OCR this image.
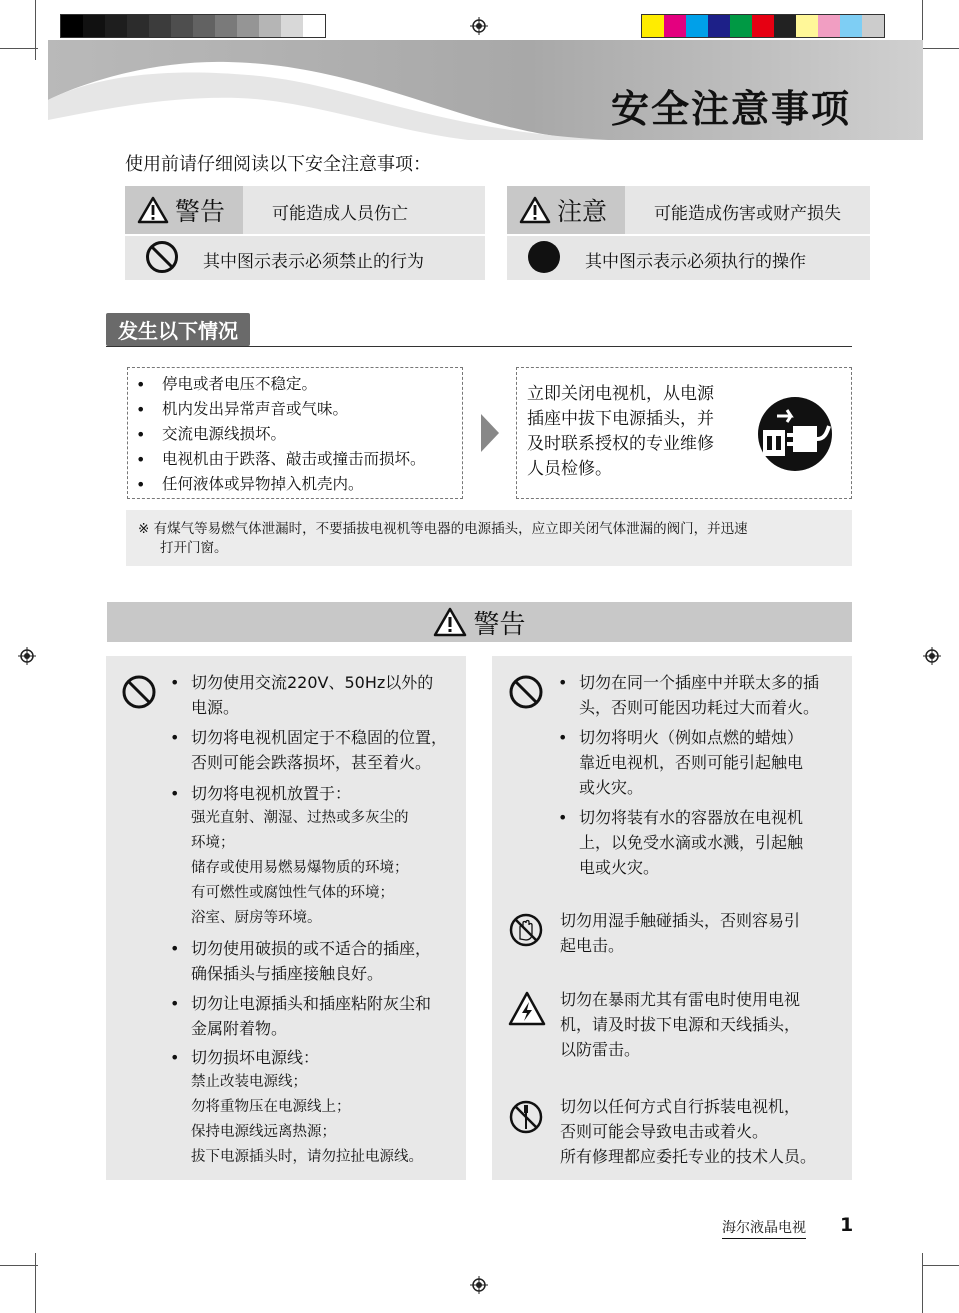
安全注意事项
使用前请仔细阅读以下安全注意事项：
警告	可能造成人员伤亡
其中图示表示必须禁止的行为
注意	可能造成伤害或财产损失
其中图示表示必须执行的操作
发生以下情况
• 停电或者电压不稳定。
• 机内发出异常声音或气味。
• 交流电源线损坏。
• 电视机由于跌落、敲击或撞击而损坏。
• 任何液体或异物掉入机壳内。
立即关闭电视机，从电源
插座中拔下电源插头，并
及时联系授权的专业维修
人员检修。
※ 有煤气等易燃气体泄漏时，不要插拔电视机等电器的电源插头，应立即关闭气体泄漏的阀门，并迅速
打开门窗。
警告
• 切勿使用交流220V、50Hz以外的
电源。
• 切勿将电视机固定于不稳固的位置，
否则可能会跌落损坏，甚至着火。
• 切勿将电视机放置于：
强光直射、潮湿、过热或多灰尘的
环境；
储存或使用易燃易爆物质的环境；
有可燃性或腐蚀性气体的环境；
浴室、厨房等环境。
• 切勿使用破损的或不适合的插座，
确保插头与插座接触良好。
• 切勿让电源插头和插座粘附灰尘和
金属附着物。
• 切勿损坏电源线：
禁止改装电源线；
勿将重物压在电源线上；
保持电源线远离热源；
拔下电源插头时，请勿拉扯电源线。
• 切勿在同一个插座中并联太多的插
头，否则可能因功耗过大而着火。
• 切勿将明火（例如点燃的蜡烛）
靠近电视机，否则可能引起触电
或火灾。
• 切勿将装有水的容器放在电视机
上，以免受水滴或水溅，引起触
电或火灾。
切勿用湿手触碰插头，否则容易引
起电击。
切勿在暴雨尤其有雷电时使用电视
机，请及时拔下电源和天线插头，
以防雷击。
切勿以任何方式自行拆装电视机，
否则可能会导致电击或着火。
所有修理都应委托专业的技术人员。
海尔液晶电视 1
